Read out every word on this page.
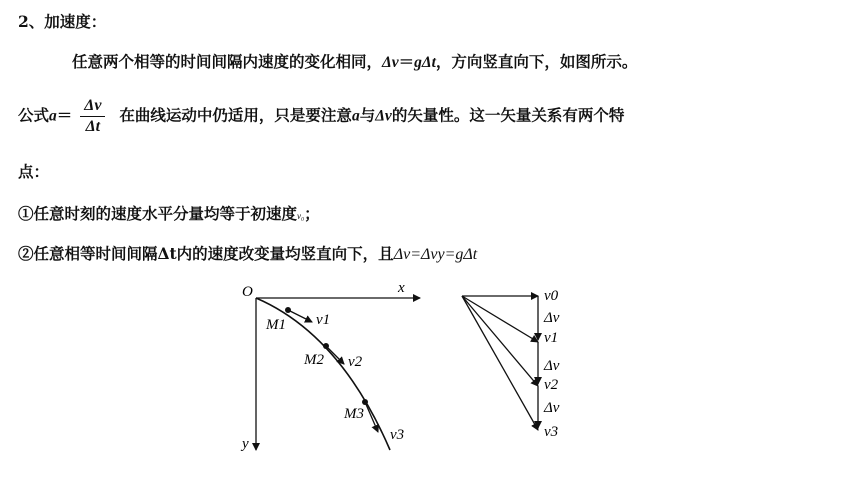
2、加速度：
任意两个相等的时间间隔内速度的变化相同，Δv＝gΔt，方向竖直向下，如图所示。
公式$a= \frac{\Delta v}{\Delta t}$ 在曲线运动中仍适用，只是要注意a与Δv的矢量性。这一矢量关系有两个特
点：
①任意时刻的速度水平分量均等于初速度v₀；
②任意相等时间间隔Δt内的速度改变量均竖直向下，且Δv=Δvy=gΔt
O	x
y
M1 v1
M2 v2
M3
v3
v0
Δv
v1
Δv
v2
Δv
v3
